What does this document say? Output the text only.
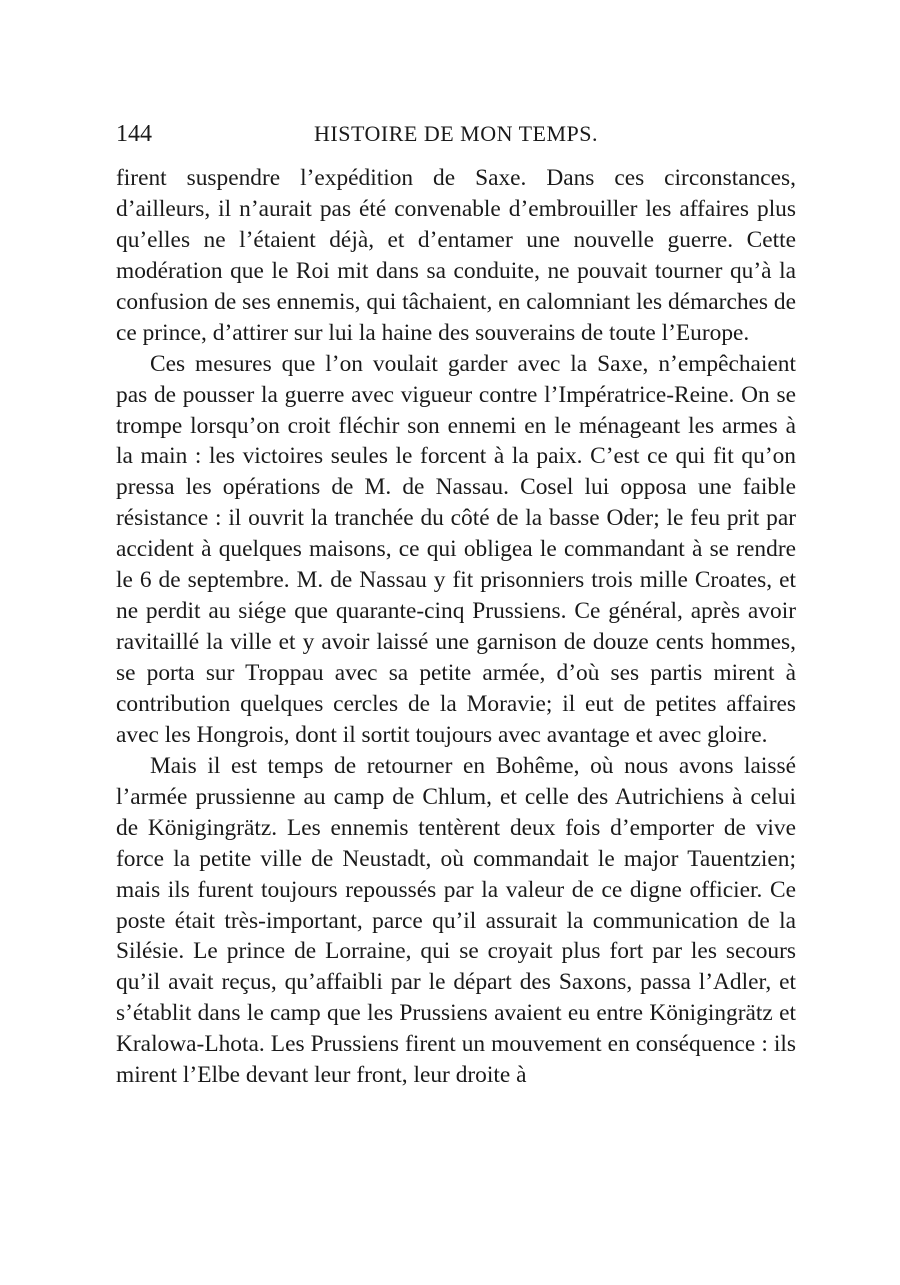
144	HISTOIRE DE MON TEMPS.

firent suspendre l’expédition de Saxe. Dans ces circonstances, d’ailleurs, il n’aurait pas été convenable d’embrouiller les affaires plus qu’elles ne l’étaient déjà, et d’entamer une nouvelle guerre. Cette modération que le Roi mit dans sa conduite, ne pouvait tourner qu’à la confusion de ses ennemis, qui tâchaient, en calomniant les démarches de ce prince, d’attirer sur lui la haine des souverains de toute l’Europe.

Ces mesures que l’on voulait garder avec la Saxe, n’empêchaient pas de pousser la guerre avec vigueur contre l’Impératrice-Reine. On se trompe lorsqu’on croit fléchir son ennemi en le ménageant les armes à la main : les victoires seules le forcent à la paix. C’est ce qui fit qu’on pressa les opérations de M. de Nassau. Cosel lui opposa une faible résistance : il ouvrit la tranchée du côté de la basse Oder; le feu prit par accident à quelques maisons, ce qui obligea le commandant à se rendre le 6 de septembre. M. de Nassau y fit prisonniers trois mille Croates, et ne perdit au siége que quarante-cinq Prussiens. Ce général, après avoir ravitaillé la ville et y avoir laissé une garnison de douze cents hommes, se porta sur Troppau avec sa petite armée, d’où ses partis mirent à contribution quelques cercles de la Moravie; il eut de petites affaires avec les Hongrois, dont il sortit toujours avec avantage et avec gloire.

Mais il est temps de retourner en Bohême, où nous avons laissé l’armée prussienne au camp de Chlum, et celle des Autrichiens à celui de Königingrätz. Les ennemis tentèrent deux fois d’emporter de vive force la petite ville de Neustadt, où commandait le major Tauentzien; mais ils furent toujours repoussés par la valeur de ce digne officier. Ce poste était très-important, parce qu’il assurait la communication de la Silésie. Le prince de Lorraine, qui se croyait plus fort par les secours qu’il avait reçus, qu’affaibli par le départ des Saxons, passa l’Adler, et s’établit dans le camp que les Prussiens avaient eu entre Königingrätz et Kralowa-Lhota. Les Prussiens firent un mouvement en conséquence : ils mirent l’Elbe devant leur front, leur droite à
